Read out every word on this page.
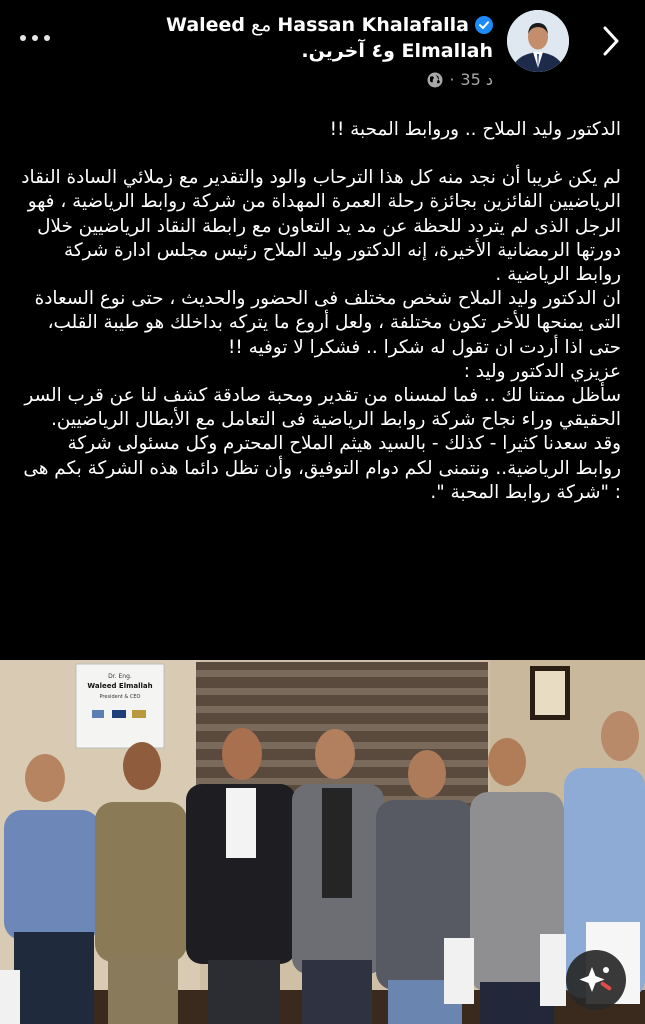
Hassan Khalafalla
مع
Waleed
Elmallah و٤ آخرين.
· 35 د

الدكتور وليد الملاح .. وروابط المحبة !!

لم يكن غريبا أن نجد منه كل هذا الترحاب والود والتقدير مع زملائي السادة النقاد الرياضيين الفائزين بجائزة رحلة العمرة المهداة من شركة روابط الرياضية ، فهو الرجل الذى لم يتردد للحظة عن مد يد التعاون مع رابطة النقاد الرياضيين خلال دورتها الرمضانية الأخيرة، إنه الدكتور وليد الملاح رئيس مجلس ادارة شركة روابط الرياضية .

ان الدكتور وليد الملاح شخص مختلف فى الحضور والحديث ، حتى نوع السعادة التى يمنحها للأخر تكون مختلفة ، ولعل أروع ما يتركه بداخلك هو طيبة القلب، حتى اذا أردت ان تقول له شكرا .. فشكرا لا توفيه !!

عزيزي الدكتور وليد :

سأظل ممتنا لك .. فما لمسناه من تقدير ومحبة صادقة كشف لنا عن قرب السر الحقيقي وراء نجاح شركة روابط الرياضية فى التعامل مع الأبطال الرياضيين.

وقد سعدنا كثيرا - كذلك - بالسيد هيثم الملاح المحترم وكل مسئولى شركة روابط الرياضية.. ونتمنى لكم دوام التوفيق، وأن تظل دائما هذه الشركة بكم هى : "شركة روابط المحبة ".

Dr. Eng.
Waleed Elmallah
President & CEO
